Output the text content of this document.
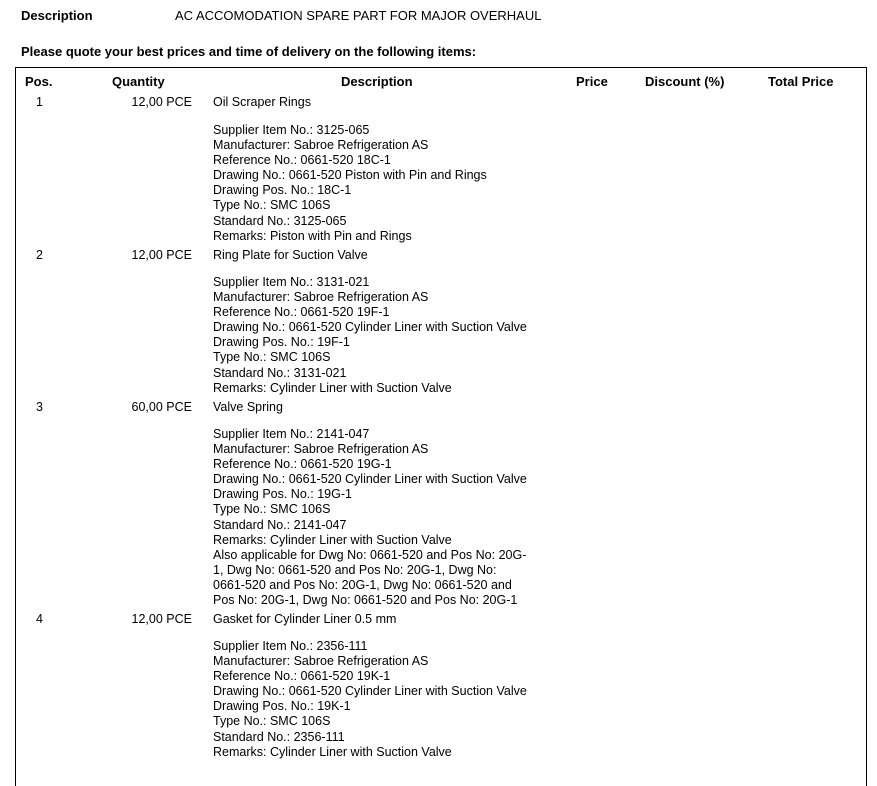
Description	AC ACCOMODATION SPARE PART FOR MAJOR OVERHAUL
Please quote your best prices and time of delivery on the following items:
Pos.	Quantity	Description	Price	Discount (%)	Total Price
1	12,00 PCE Oil Scraper Rings
Supplier Item No.: 3125-065
Manufacturer: Sabroe Refrigeration AS
Reference No.: 0661-520 18C-1
Drawing No.: 0661-520 Piston with Pin and Rings
Drawing Pos. No.: 18C-1
Type No.: SMC 106S
Standard No.: 3125-065
Remarks: Piston with Pin and Rings
2	12,00 PCE Ring Plate for Suction Valve
Supplier Item No.: 3131-021
Manufacturer: Sabroe Refrigeration AS
Reference No.: 0661-520 19F-1
Drawing No.: 0661-520 Cylinder Liner with Suction Valve
Drawing Pos. No.: 19F-1
Type No.: SMC 106S
Standard No.: 3131-021
Remarks: Cylinder Liner with Suction Valve
3	60,00 PCE Valve Spring
Supplier Item No.: 2141-047
Manufacturer: Sabroe Refrigeration AS
Reference No.: 0661-520 19G-1
Drawing No.: 0661-520 Cylinder Liner with Suction Valve
Drawing Pos. No.: 19G-1
Type No.: SMC 106S
Standard No.: 2141-047
Remarks: Cylinder Liner with Suction Valve
Also applicable for Dwg No: 0661-520 and Pos No: 20G-
1, Dwg No: 0661-520 and Pos No: 20G-1, Dwg No:
0661-520 and Pos No: 20G-1, Dwg No: 0661-520 and
Pos No: 20G-1, Dwg No: 0661-520 and Pos No: 20G-1
4	12,00 PCE Gasket for Cylinder Liner 0.5 mm
Supplier Item No.: 2356-111
Manufacturer: Sabroe Refrigeration AS
Reference No.: 0661-520 19K-1
Drawing No.: 0661-520 Cylinder Liner with Suction Valve
Drawing Pos. No.: 19K-1
Type No.: SMC 106S
Standard No.: 2356-111
Remarks: Cylinder Liner with Suction Valve
